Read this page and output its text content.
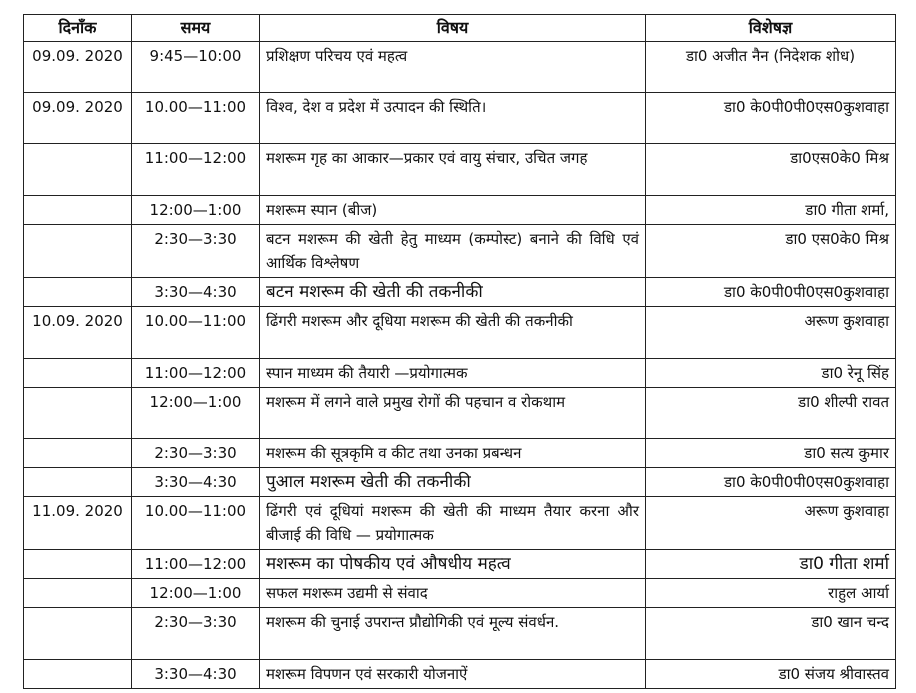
दिनाँक	समय	विषय	विशेषज्ञ
09.09. 2020	9:45—10:00	प्रशिक्षण परिचय एवं महत्व	डा0 अजीत नैन (निदेशक शोध)
09.09. 2020	10.00—11:00	विश्व, देश व प्रदेश में उत्पादन की स्थिति।	डा0 के0पी0पी0एस0कुशवाहा
	11:00—12:00	मशरूम गृह का आकार—प्रकार एवं वायु संचार, उचित जगह	डा0एस0के0 मिश्र
	12:00—1:00	मशरूम स्पान (बीज)	डा0 गीता शर्मा,
	2:30—3:30	बटन मशरूम की खेती हेतु माध्यम (कम्पोस्ट) बनाने की विधि एवं आर्थिक विश्लेषण	डा0 एस0के0 मिश्र
	3:30—4:30	बटन मशरूम की खेती की तकनीकी	डा0 के0पी0पी0एस0कुशवाहा
10.09. 2020	10.00—11:00	ढिंगरी मशरूम और दूधिया मशरूम की खेती की तकनीकी	अरूण कुशवाहा
	11:00—12:00	स्पान माध्यम की तैयारी —प्रयोगात्मक	डा0 रेनू सिंह
	12:00—1:00	मशरूम में लगने वाले प्रमुख रोगों की पहचान व रोकथाम	डा0 शील्पी रावत
	2:30—3:30	मशरूम की सूत्रकृमि व कीट तथा उनका प्रबन्धन	डा0 सत्य कुमार
	3:30—4:30	पुआल मशरूम खेती की तकनीकी	डा0 के0पी0पी0एस0कुशवाहा
11.09. 2020	10.00—11:00	ढिंगरी एवं दूधियां मशरूम की खेती की माध्यम तैयार करना और बीजाई की विधि — प्रयोगात्मक	अरूण कुशवाहा
	11:00—12:00	मशरूम का पोषकीय एवं औषधीय महत्व	डा0 गीता शर्मा
	12:00—1:00	सफल मशरूम उद्यमी से संवाद	राहुल आर्या
	2:30—3:30	मशरूम की चुनाई उपरान्त प्रौद्योगिकी एवं मूल्य संवर्धन.	डा0 खान चन्द
	3:30—4:30	मशरूम विपणन एवं सरकारी योजनाऐं	डा0 संजय श्रीवास्तव
